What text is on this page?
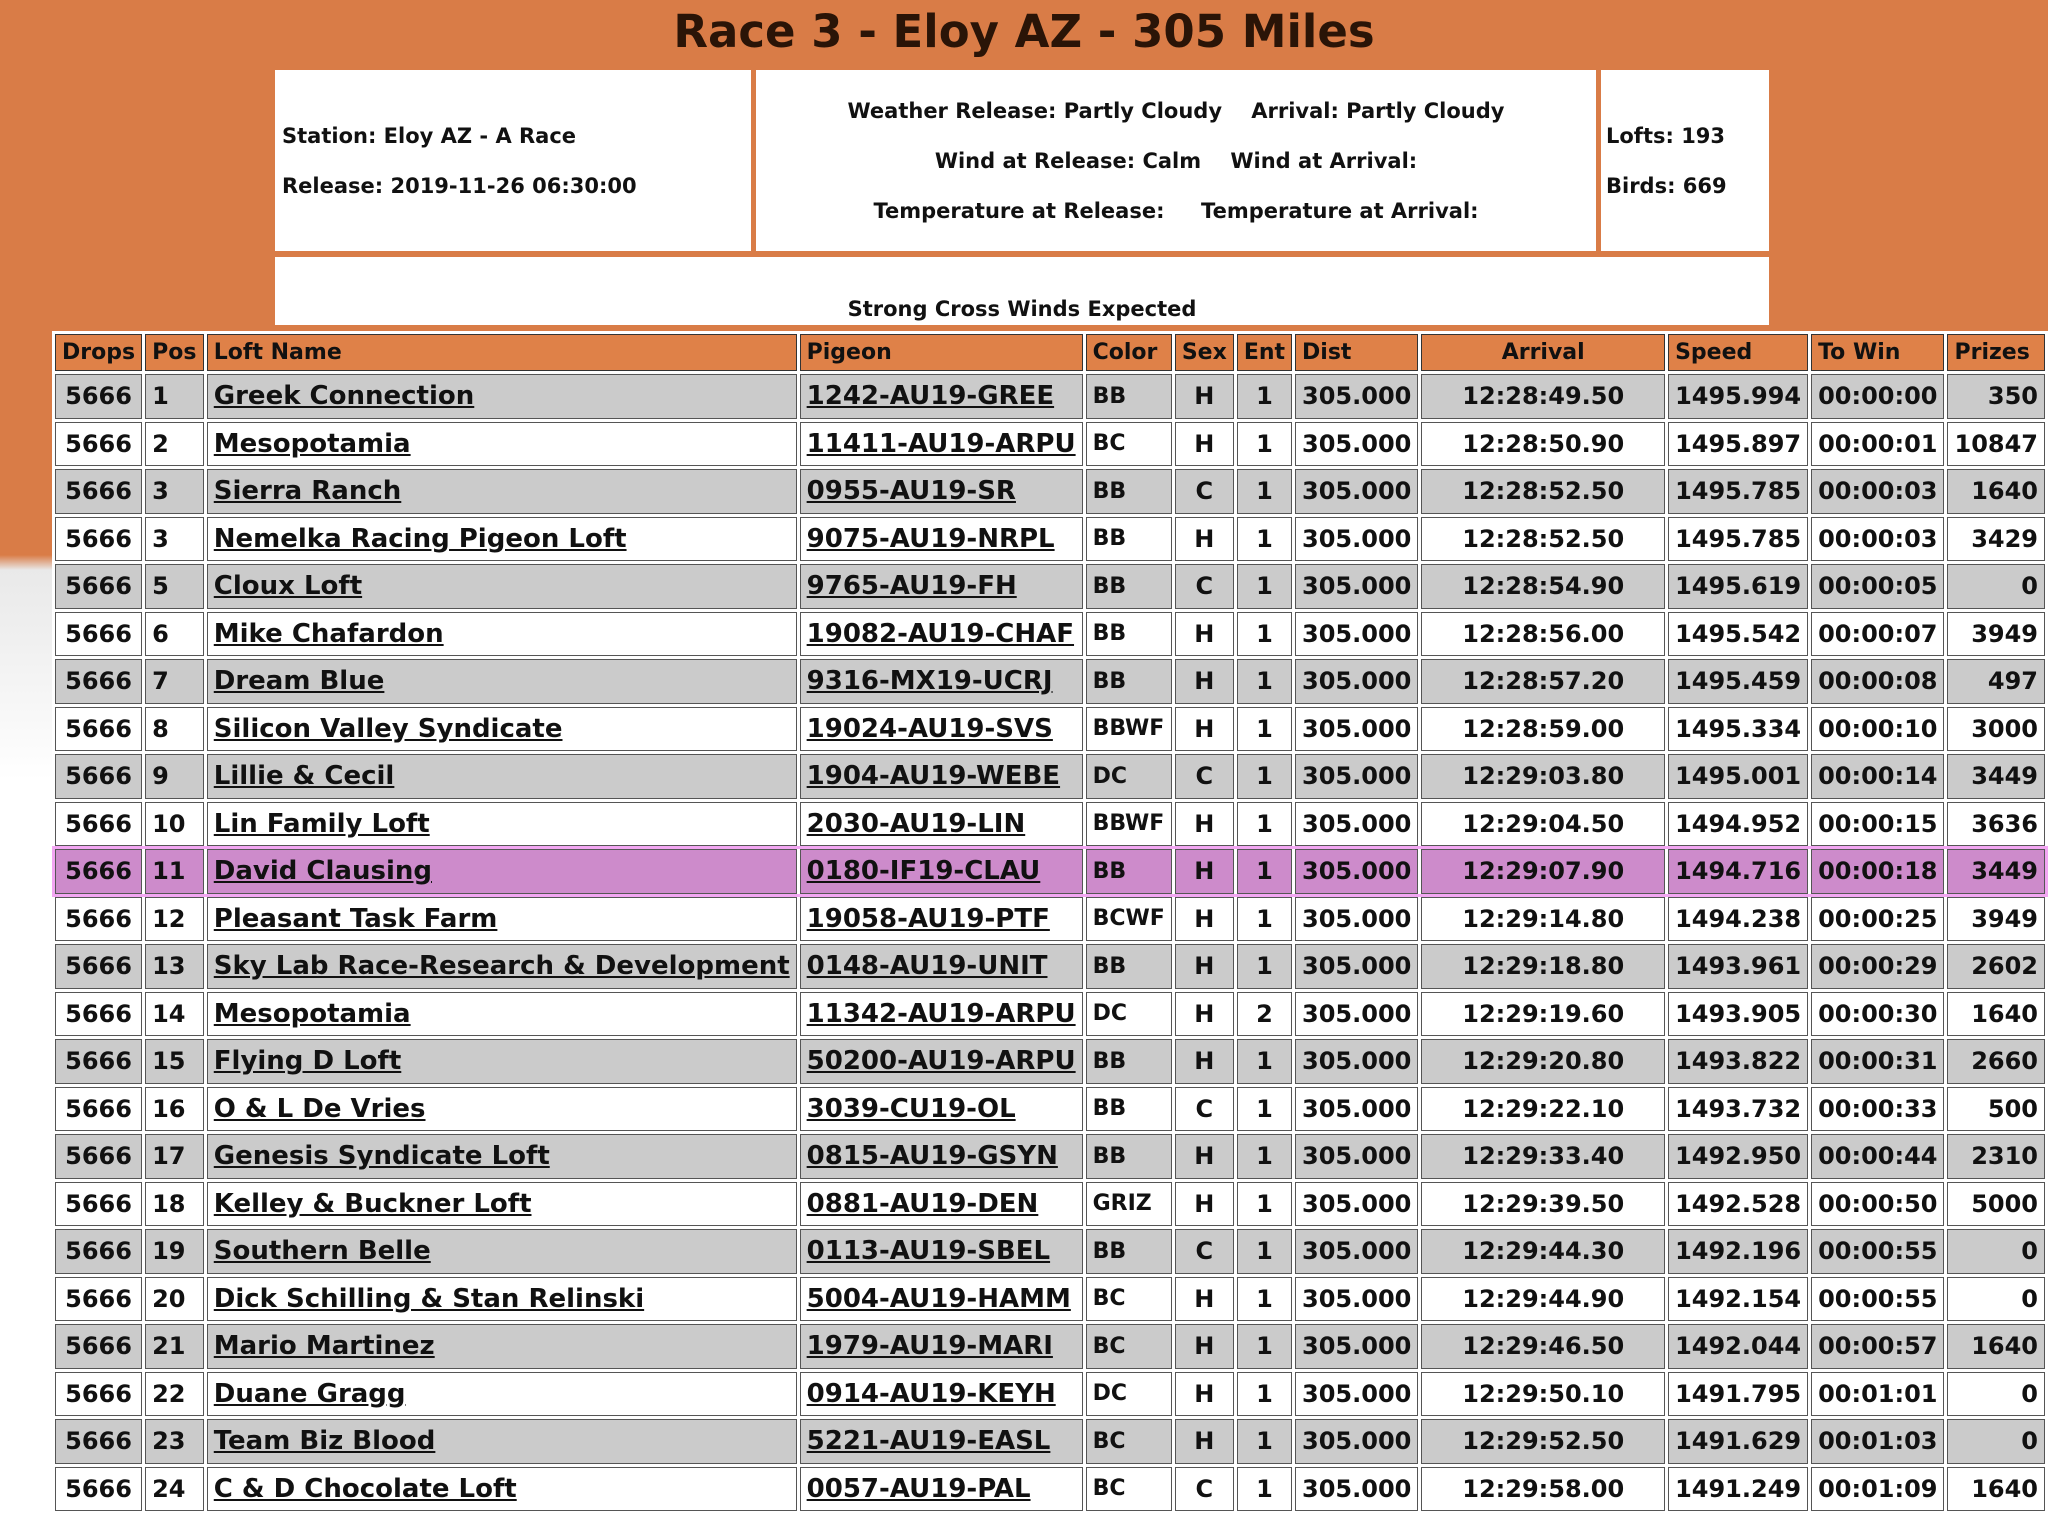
Race 3 - Eloy AZ - 305 Miles
Station: Eloy AZ - A Race
Release: 2019-11-26 06:30:00
Weather Release: Partly Cloudy    Arrival: Partly Cloudy
Wind at Release: Calm    Wind at Arrival:
Temperature at Release:     Temperature at Arrival:
Lofts: 193
Birds: 669
Strong Cross Winds Expected
Drops	Pos	Loft Name	Pigeon	Color	Sex	Ent	Dist	Arrival	Speed	To Win	Prizes
5666	1	Greek Connection	1242-AU19-GREE	BB	H	1	305.000	12:28:49.50	1495.994	00:00:00	350
5666	2	Mesopotamia	11411-AU19-ARPU	BC	H	1	305.000	12:28:50.90	1495.897	00:00:01	10847
5666	3	Sierra Ranch	0955-AU19-SR	BB	C	1	305.000	12:28:52.50	1495.785	00:00:03	1640
5666	3	Nemelka Racing Pigeon Loft	9075-AU19-NRPL	BB	H	1	305.000	12:28:52.50	1495.785	00:00:03	3429
5666	5	Cloux Loft	9765-AU19-FH	BB	C	1	305.000	12:28:54.90	1495.619	00:00:05	0
5666	6	Mike Chafardon	19082-AU19-CHAF	BB	H	1	305.000	12:28:56.00	1495.542	00:00:07	3949
5666	7	Dream Blue	9316-MX19-UCRJ	BB	H	1	305.000	12:28:57.20	1495.459	00:00:08	497
5666	8	Silicon Valley Syndicate	19024-AU19-SVS	BBWF	H	1	305.000	12:28:59.00	1495.334	00:00:10	3000
5666	9	Lillie & Cecil	1904-AU19-WEBE	DC	C	1	305.000	12:29:03.80	1495.001	00:00:14	3449
5666	10	Lin Family Loft	2030-AU19-LIN	BBWF	H	1	305.000	12:29:04.50	1494.952	00:00:15	3636
5666	11	David Clausing	0180-IF19-CLAU	BB	H	1	305.000	12:29:07.90	1494.716	00:00:18	3449
5666	12	Pleasant Task Farm	19058-AU19-PTF	BCWF	H	1	305.000	12:29:14.80	1494.238	00:00:25	3949
5666	13	Sky Lab Race-Research & Development	0148-AU19-UNIT	BB	H	1	305.000	12:29:18.80	1493.961	00:00:29	2602
5666	14	Mesopotamia	11342-AU19-ARPU	DC	H	2	305.000	12:29:19.60	1493.905	00:00:30	1640
5666	15	Flying D Loft	50200-AU19-ARPU	BB	H	1	305.000	12:29:20.80	1493.822	00:00:31	2660
5666	16	O & L De Vries	3039-CU19-OL	BB	C	1	305.000	12:29:22.10	1493.732	00:00:33	500
5666	17	Genesis Syndicate Loft	0815-AU19-GSYN	BB	H	1	305.000	12:29:33.40	1492.950	00:00:44	2310
5666	18	Kelley & Buckner Loft	0881-AU19-DEN	GRIZ	H	1	305.000	12:29:39.50	1492.528	00:00:50	5000
5666	19	Southern Belle	0113-AU19-SBEL	BB	C	1	305.000	12:29:44.30	1492.196	00:00:55	0
5666	20	Dick Schilling & Stan Relinski	5004-AU19-HAMM	BC	H	1	305.000	12:29:44.90	1492.154	00:00:55	0
5666	21	Mario Martinez	1979-AU19-MARI	BC	H	1	305.000	12:29:46.50	1492.044	00:00:57	1640
5666	22	Duane Gragg	0914-AU19-KEYH	DC	H	1	305.000	12:29:50.10	1491.795	00:01:01	0
5666	23	Team Biz Blood	5221-AU19-EASL	BC	H	1	305.000	12:29:52.50	1491.629	00:01:03	0
5666	24	C & D Chocolate Loft	0057-AU19-PAL	BC	C	1	305.000	12:29:58.00	1491.249	00:01:09	1640
